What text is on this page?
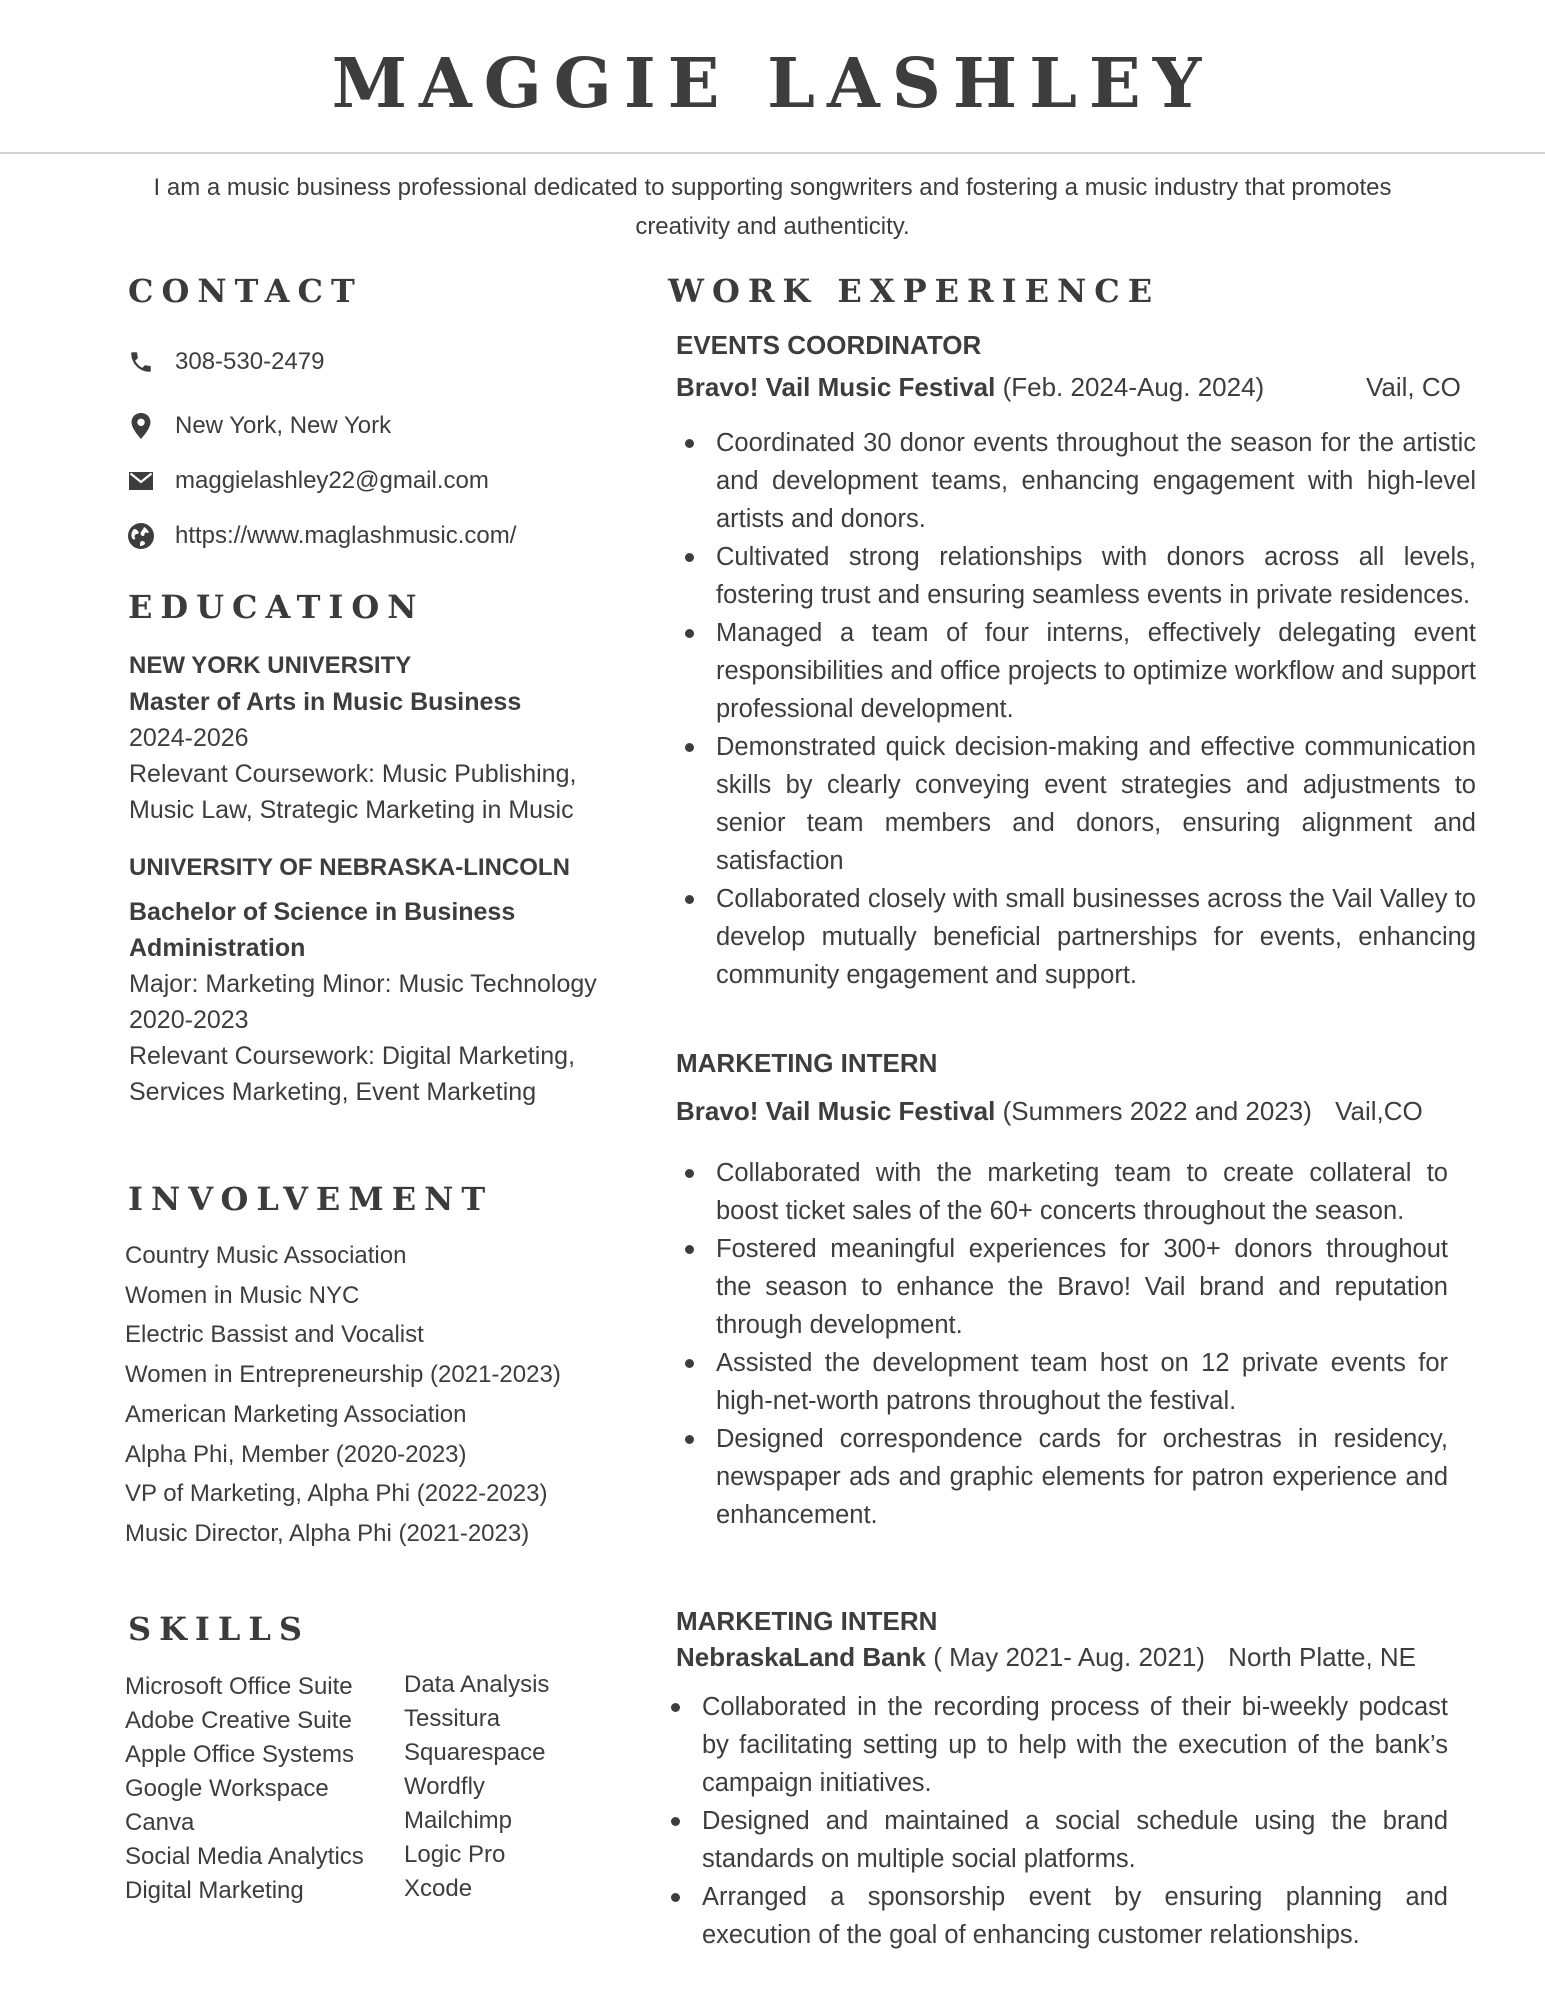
MAGGIE LASHLEY

I am a music business professional dedicated to supporting songwriters and fostering a music industry that promotes creativity and authenticity.

CONTACT
308-530-2479
New York, New York
maggielashley22@gmail.com
https://www.maglashmusic.com/
EDUCATION
NEW YORK UNIVERSITY
Master of Arts in Music Business
2024-2026
Relevant Coursework: Music Publishing, Music Law, Strategic Marketing in Music
UNIVERSITY OF NEBRASKA-LINCOLN
Bachelor of Science in Business Administration
Major: Marketing Minor: Music Technology
2020-2023
Relevant Coursework: Digital Marketing, Services Marketing, Event Marketing
INVOLVEMENT
Country Music Association
Women in Music NYC
Electric Bassist and Vocalist
Women in Entrepreneurship (2021-2023)
American Marketing Association
Alpha Phi, Member (2020-2023)
VP of Marketing, Alpha Phi (2022-2023)
Music Director, Alpha Phi (2021-2023)
SKILLS
Microsoft Office Suite
Adobe Creative Suite
Apple Office Systems
Google Workspace
Canva
Social Media Analytics
Digital Marketing
Data Analysis
Tessitura
Squarespace
Wordfly
Mailchimp
Logic Pro
Xcode
WORK EXPERIENCE
EVENTS COORDINATOR
Bravo! Vail Music Festival (Feb. 2024-Aug. 2024)	Vail, CO
Coordinated 30 donor events throughout the season for the artistic and development teams, enhancing engagement with high-level artists and donors.
Cultivated strong relationships with donors across all levels, fostering trust and ensuring seamless events in private residences.
Managed a team of four interns, effectively delegating event responsibilities and office projects to optimize workflow and support professional development.
Demonstrated quick decision-making and effective communication skills by clearly conveying event strategies and adjustments to senior team members and donors, ensuring alignment and satisfaction
Collaborated closely with small businesses across the Vail Valley to develop mutually beneficial partnerships for events, enhancing community engagement and support.
MARKETING INTERN
Bravo! Vail Music Festival (Summers 2022 and 2023) Vail,CO
Collaborated with the marketing team to create collateral to boost ticket sales of the 60+ concerts throughout the season.
Fostered meaningful experiences for 300+ donors throughout the season to enhance the Bravo! Vail brand and reputation through development.
Assisted the development team host on 12 private events for high-net-worth patrons throughout the festival.
Designed correspondence cards for orchestras in residency, newspaper ads and graphic elements for patron experience and enhancement.
MARKETING INTERN
NebraskaLand Bank ( May 2021- Aug. 2021) North Platte, NE
Collaborated in the recording process of their bi-weekly podcast by facilitating setting up to help with the execution of the bank’s campaign initiatives.
Designed and maintained a social schedule using the brand standards on multiple social platforms.
Arranged a sponsorship event by ensuring planning and execution of the goal of enhancing customer relationships.
